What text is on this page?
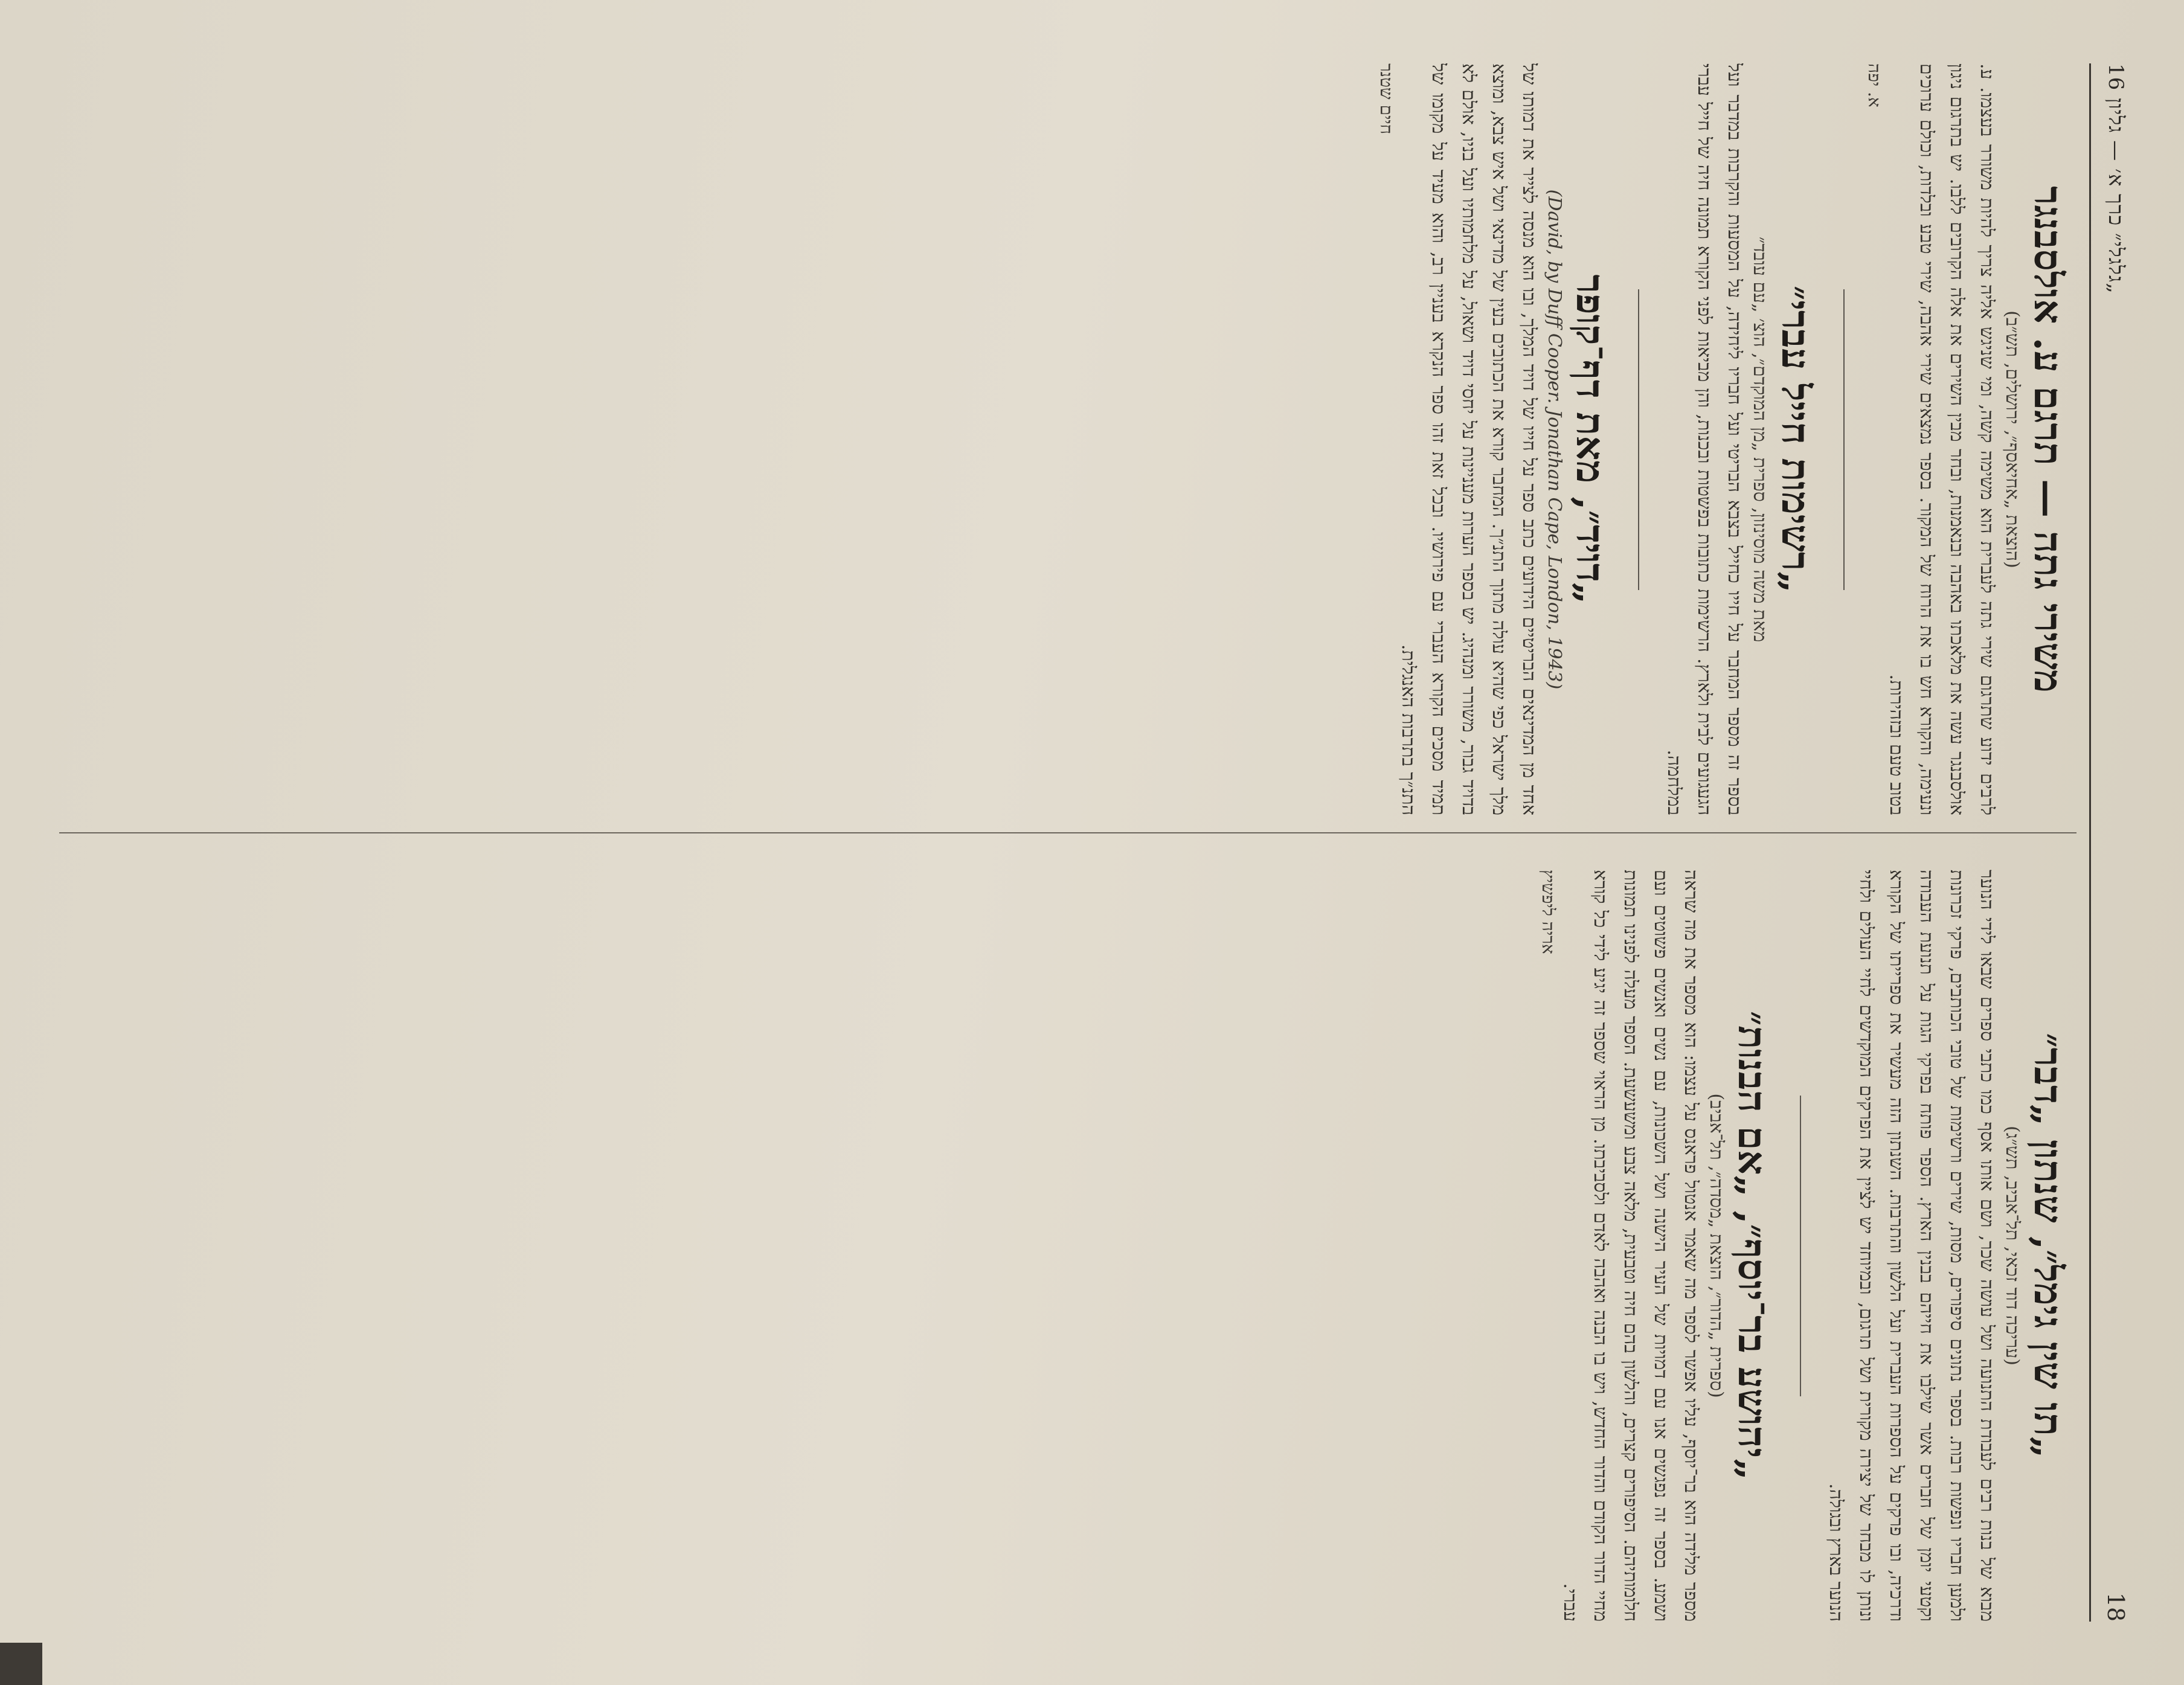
18
„גלגלי״ כרך א׳ — גליון 16
„תו שין גימל״, שנתון „דבר״
(עריכה דוד זכאי, תל־אביב, תש״ג)
מבוא של בנות רבים לעבודת התנועה ושל עושה שכר, ושם אותו אסף כמו כתבי ספרים שבאו לידי הנוער ולמען חבריו ונפשות רבות. בספר נתונים סיפורים, מסות, שירים ורשימות של טובי הכותבים, פרקי זכרונות וקטעי יומן של חברים אשר שילבו את חייהם בבנין הארץ. הספר פותח בפרקי הגות על תנועת העבודה ודרכיה, ובו פרקים על הספרות העברית ועל הלשון והתרבות. השנתון הזה מעשיר את ספרייתו של הקורא ונותן לו מבחר של יצירה מקורית ושל תרגום, ובמיוחד יש לציין את הפרקים המוקדשים לחיי העולים ולחיי הנוער בארץ ובגולה.
„יהושע בר־יוסף״, „אם הבנות״
(ספרית „הדור״, הוצאת „מסדה״, תל־אביב)
מספר מלידה הוא בר־יוסף, עליו אפשר לספר מה שאמר אנטול פראנס על עצמו: הוא מספר את מה שראה ושמע. בספר זה נפגשים אנו עם דמויות של העיר הישנה ושל השכונות, עם נשים ואנשים פשוטים ועם חלומותיהם. הסיפורים קצרים, והלשון בהם חיה וטבעית, מלאה צבע ומשעשעת. הספר מעלה לפנינו תמונות מחיי הדור הקודם והדור החדש, ויש בו הבנה ואהבה לאדם ולסביבתו. מן הראוי שספר זה יגיע לידי כל קורא עברי.
אריה ליפשיץ
משירי גתה — תרגם ע. אולסבנגר
(הוצאת „אחיאסף״, ירושלים, תש״ב)
לרבים ידוע שתרגום שירי גתה לעברית הוא משימה קשה, ומי שניגש אליה צריך להיות משורר בעצמו. ע. אולסבנגר עשה את מלאכתו באהבה ובנאמנות, ובחר מבין השירים את אלה הקרובים ללבו. יש בתרגום ניגון ונעימה, והקורא חש בו את הרוח של המקור. בספר נמצאים שירי אהבה, שירי טבע ובלדות, וכולם ערוכים בטוב טעם ובזהירות.
א. יפה
„רשימות חייל עברי״
מאת משה מוסינזון, ספרית „מן המוקדם״, הוצ׳ „עם עובד״
בספר זה מספר המחבר על חייו כחייל בצבא הבריטי ועל חבריו ליחידה, על המסעות והקרבות במדבר ועל הגעגועים לבית ולארץ. הרשימות כתובות בפשטות ובכנות, והן מביאות לפני הקורא תמונה חיה של חייל עברי במלחמה.
„דויד״, מאת דף־קופר
(David, by Duff Cooper. Jonathan Cape, London, 1943)
אחד מן המדינאים הבריטיים הידועים כתב ספר על חייו של דויד המלך, ובו הוא מנסה לצייר את דמותו של מלך ישראל כפי שהיא עולה מתוך התנ״ך. המחבר קורא את הכתובים בעין של מדינאי ושל איש צבא, ומוצא בדויד גבור, משורר ומנהיג. יש בספר הערות מעניינות על יחסי דויד ושאול, על מלחמותיו ועל בניו, אולם לא תמיד מסכים הקורא העברי עם פירושיו. ובכל זאת זהו ספר הנקרא בעניין רב, והוא מעיד על מקומו של התנ״ך בתרבות האנגלית.
חיים שטנר
